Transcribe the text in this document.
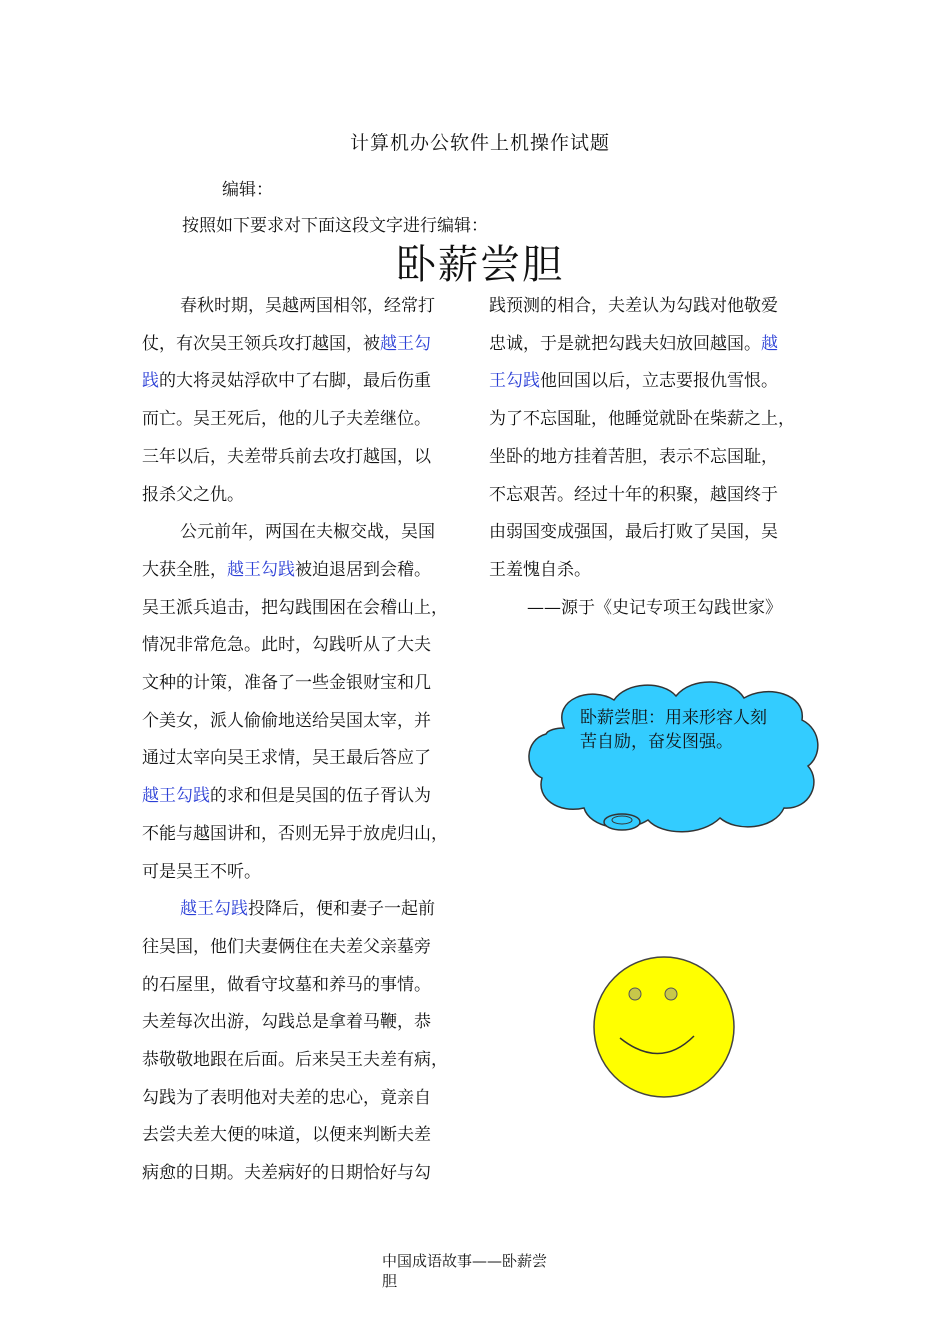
计算机办公软件上机操作试题
编辑：
按照如下要求对下面这段文字进行编辑：
卧薪尝胆

春秋时期，吴越两国相邻，经常打

仗，有次吴王领兵攻打越国，被越王勾

践的大将灵姑浮砍中了右脚，最后伤重

而亡。吴王死后，他的儿子夫差继位。

三年以后，夫差带兵前去攻打越国，以

报杀父之仇。

公元前年，两国在夫椒交战，吴国

大获全胜，越王勾践被迫退居到会稽。

吴王派兵追击，把勾践围困在会稽山上，

情况非常危急。此时，勾践听从了大夫

文种的计策，准备了一些金银财宝和几

个美女，派人偷偷地送给吴国太宰，并

通过太宰向吴王求情，吴王最后答应了

越王勾践的求和但是吴国的伍子胥认为

不能与越国讲和，否则无异于放虎归山，

可是吴王不听。

越王勾践投降后，便和妻子一起前

往吴国，他们夫妻俩住在夫差父亲墓旁

的石屋里，做看守坟墓和养马的事情。

夫差每次出游，勾践总是拿着马鞭，恭

恭敬敬地跟在后面。后来吴王夫差有病，

勾践为了表明他对夫差的忠心，竟亲自

去尝夫差大便的味道，以便来判断夫差

病愈的日期。夫差病好的日期恰好与勾

践预测的相合，夫差认为勾践对他敬爱

忠诚，于是就把勾践夫妇放回越国。越

王勾践他回国以后，立志要报仇雪恨。

为了不忘国耻，他睡觉就卧在柴薪之上，

坐卧的地方挂着苦胆，表示不忘国耻，

不忘艰苦。经过十年的积聚，越国终于

由弱国变成强国，最后打败了吴国，吴

王羞愧自杀。

——源于《史记专项王勾践世家》

卧薪尝胆：用来形容人刻苦自励，奋发图强。
中国成语故事——卧薪尝
胆
